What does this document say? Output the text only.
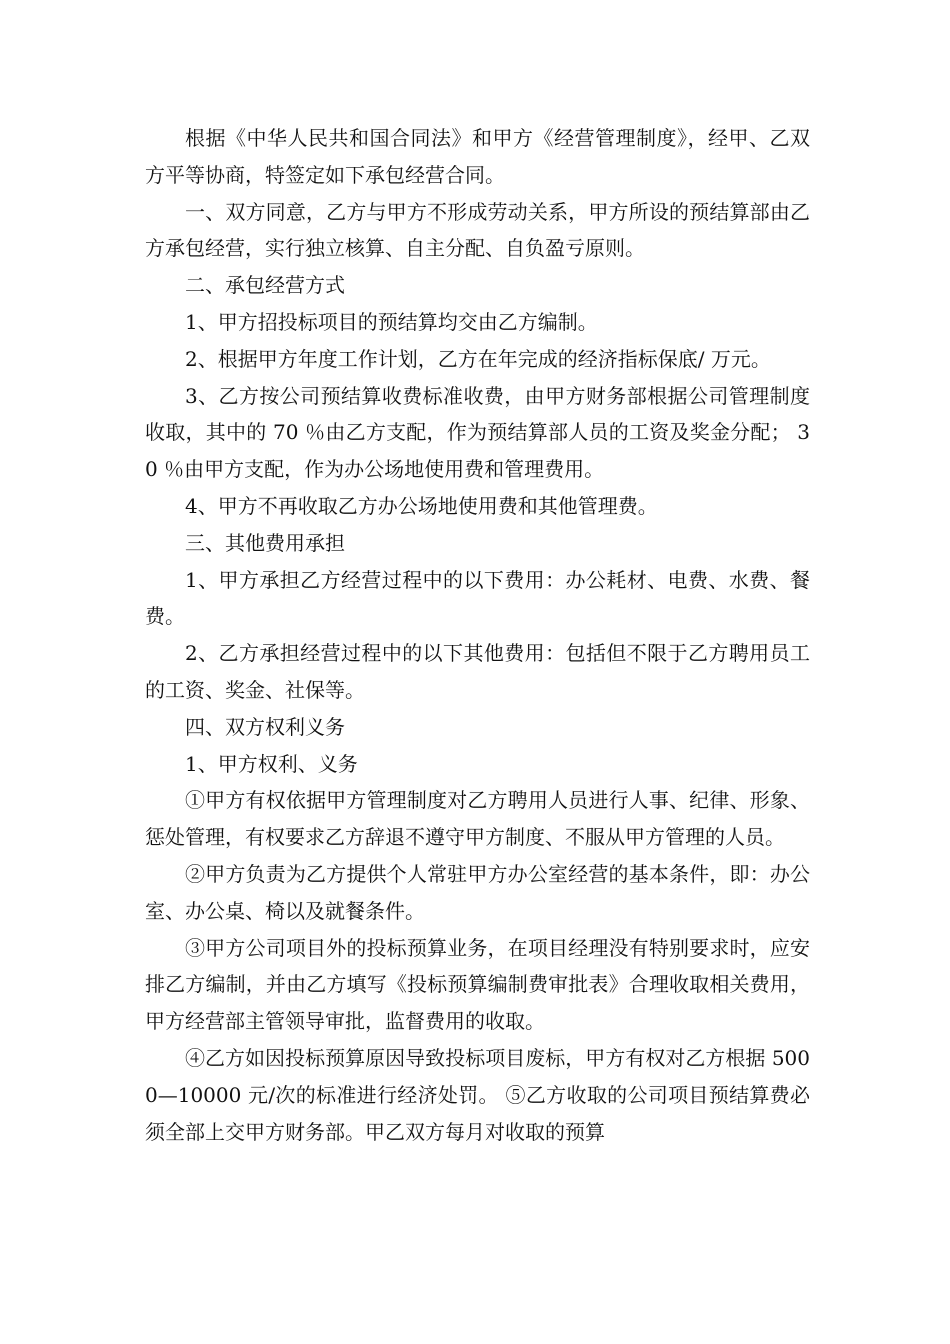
根据《中华人民共和国合同法》和甲方《经营管理制度》，经甲、乙双方平等协商，特签定如下承包经营合同。

一、双方同意，乙方与甲方不形成劳动关系，甲方所设的预结算部由乙方承包经营，实行独立核算、自主分配、自负盈亏原则。

二、承包经营方式

1、甲方招投标项目的预结算均交由乙方编制。

2、根据甲方年度工作计划，乙方在年完成的经济指标保底/ 万元。

3、乙方按公司预结算收费标准收费，由甲方财务部根据公司管理制度收取，其中的 70 ％由乙方支配，作为预结算部人员的工资及奖金分配； 30 ％由甲方支配，作为办公场地使用费和管理费用。

4、甲方不再收取乙方办公场地使用费和其他管理费。

三、其他费用承担

1、甲方承担乙方经营过程中的以下费用：办公耗材、电费、水费、餐费。

2、乙方承担经营过程中的以下其他费用：包括但不限于乙方聘用员工的工资、奖金、社保等。

四、双方权利义务

1、甲方权利、义务

①甲方有权依据甲方管理制度对乙方聘用人员进行人事、纪律、形象、惩处管理，有权要求乙方辞退不遵守甲方制度、不服从甲方管理的人员。

②甲方负责为乙方提供个人常驻甲方办公室经营的基本条件，即：办公室、办公桌、椅以及就餐条件。

③甲方公司项目外的投标预算业务，在项目经理没有特别要求时，应安排乙方编制，并由乙方填写《投标预算编制费审批表》合理收取相关费用，甲方经营部主管领导审批，监督费用的收取。

④乙方如因投标预算原因导致投标项目废标，甲方有权对乙方根据 5000—10000 元/次的标准进行经济处罚。 ⑤乙方收取的公司项目预结算费必须全部上交甲方财务部。甲乙双方每月对收取的预算
